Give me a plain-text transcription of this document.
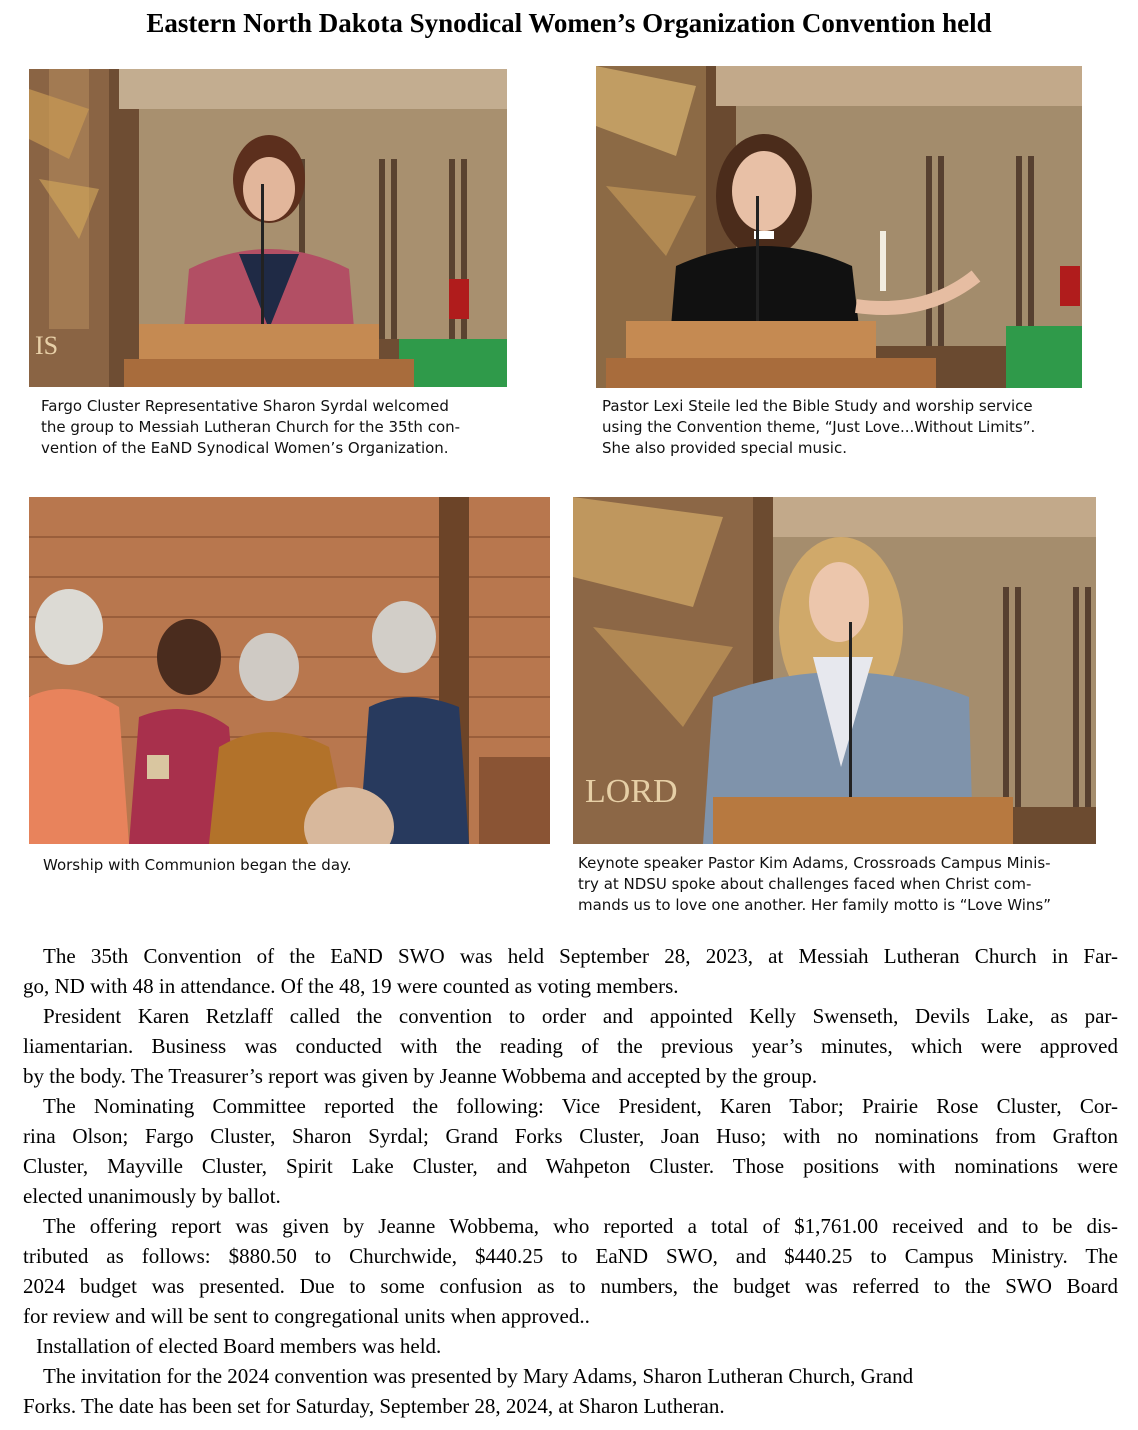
Eastern North Dakota Synodical Women’s Organization Convention held
IS
Fargo Cluster Representative Sharon Syrdal welcomed
the group to Messiah Lutheran Church for the 35th con-
vention of the EaND Synodical Women’s Organization.
Pastor Lexi Steile led the Bible Study and worship service
using the Convention theme, “Just Love...Without Limits”.
She also provided special music.
Worship with Communion began the day.
LORD
Keynote speaker Pastor Kim Adams, Crossroads Campus Minis-
try at NDSU spoke about challenges faced when Christ com-
mands us to love one another. Her family motto is “Love Wins”
The 35th Convention of the EaND SWO was held September 28, 2023, at Messiah Lutheran Church in Far-
go, ND with 48 in attendance. Of the 48, 19 were counted as voting members.
President Karen Retzlaff called the convention to order and appointed Kelly Swenseth, Devils Lake, as par-
liamentarian. Business was conducted with the reading of the previous year’s minutes, which were approved
by the body. The Treasurer’s report was given by Jeanne Wobbema and accepted by the group.
The Nominating Committee reported the following: Vice President, Karen Tabor; Prairie Rose Cluster, Cor-
rina Olson; Fargo Cluster, Sharon Syrdal; Grand Forks Cluster, Joan Huso; with no nominations from Grafton
Cluster, Mayville Cluster, Spirit Lake Cluster, and Wahpeton Cluster. Those positions with nominations were
elected unanimously by ballot.
The offering report was given by Jeanne Wobbema, who reported a total of $1,761.00 received and to be dis-
tributed as follows: $880.50 to Churchwide, $440.25 to EaND SWO, and $440.25 to Campus Ministry. The
2024 budget was presented. Due to some confusion as to numbers, the budget was referred to the SWO Board
for review and will be sent to congregational units when approved..
Installation of elected Board members was held.
The invitation for the 2024 convention was presented by Mary Adams, Sharon Lutheran Church, Grand
Forks. The date has been set for Saturday, September 28, 2024, at Sharon Lutheran.
